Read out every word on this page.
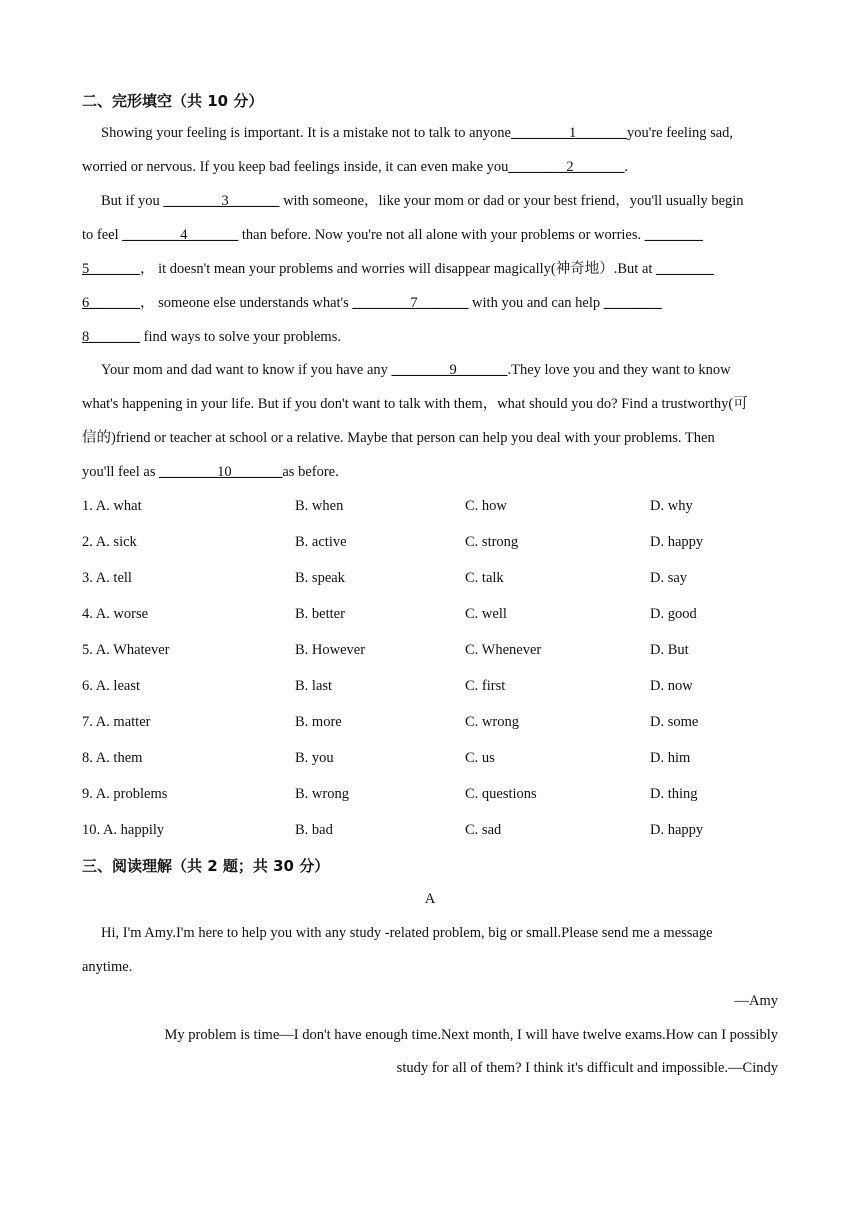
二、完形填空（共 10 分）
Showing your feeling is important. It is a mistake not to talk to anyone________1_______you're feeling sad,
worried or nervous. If you keep bad feelings inside, it can even make you________2_______.
But if you ________3_______ with someone，like your mom or dad or your best friend，you'll usually begin
to feel ________4_______ than before. Now you're not all alone with your problems or worries. ________
5_______， it doesn't mean your problems and worries will disappear magically(神奇地）.But at ________
6_______， someone else understands what's ________7_______ with you and can help ________
8_______ find ways to solve your problems.
Your mom and dad want to know if you have any ________9_______.They love you and they want to know
what's happening in your life. But if you don't want to talk with them，what should you do? Find a trustworthy(可
信的)friend or teacher at school or a relative. Maybe that person can help you deal with your problems. Then
you'll feel as ________10_______as before.
1. A. what	B. when	C. how	D. why
2. A. sick	B. active	C. strong	D. happy
3. A. tell	B. speak	C. talk	D. say
4. A. worse	B. better	C. well	D. good
5. A. Whatever	B. However	C. Whenever	D. But
6. A. least	B. last	C. first	D. now
7. A. matter	B. more	C. wrong	D. some
8. A. them	B. you	C. us	D. him
9. A. problems	B. wrong	C. questions	D. thing
10. A. happily	B. bad	C. sad	D. happy
三、阅读理解（共 2 题；共 30 分）
A
Hi, I'm Amy.I'm here to help you with any study -related problem, big or small.Please send me a message
anytime.
—Amy
My problem is time—I don't have enough time.Next month, I will have twelve exams.How can I possibly
study for all of them? I think it's difficult and impossible.—Cindy
